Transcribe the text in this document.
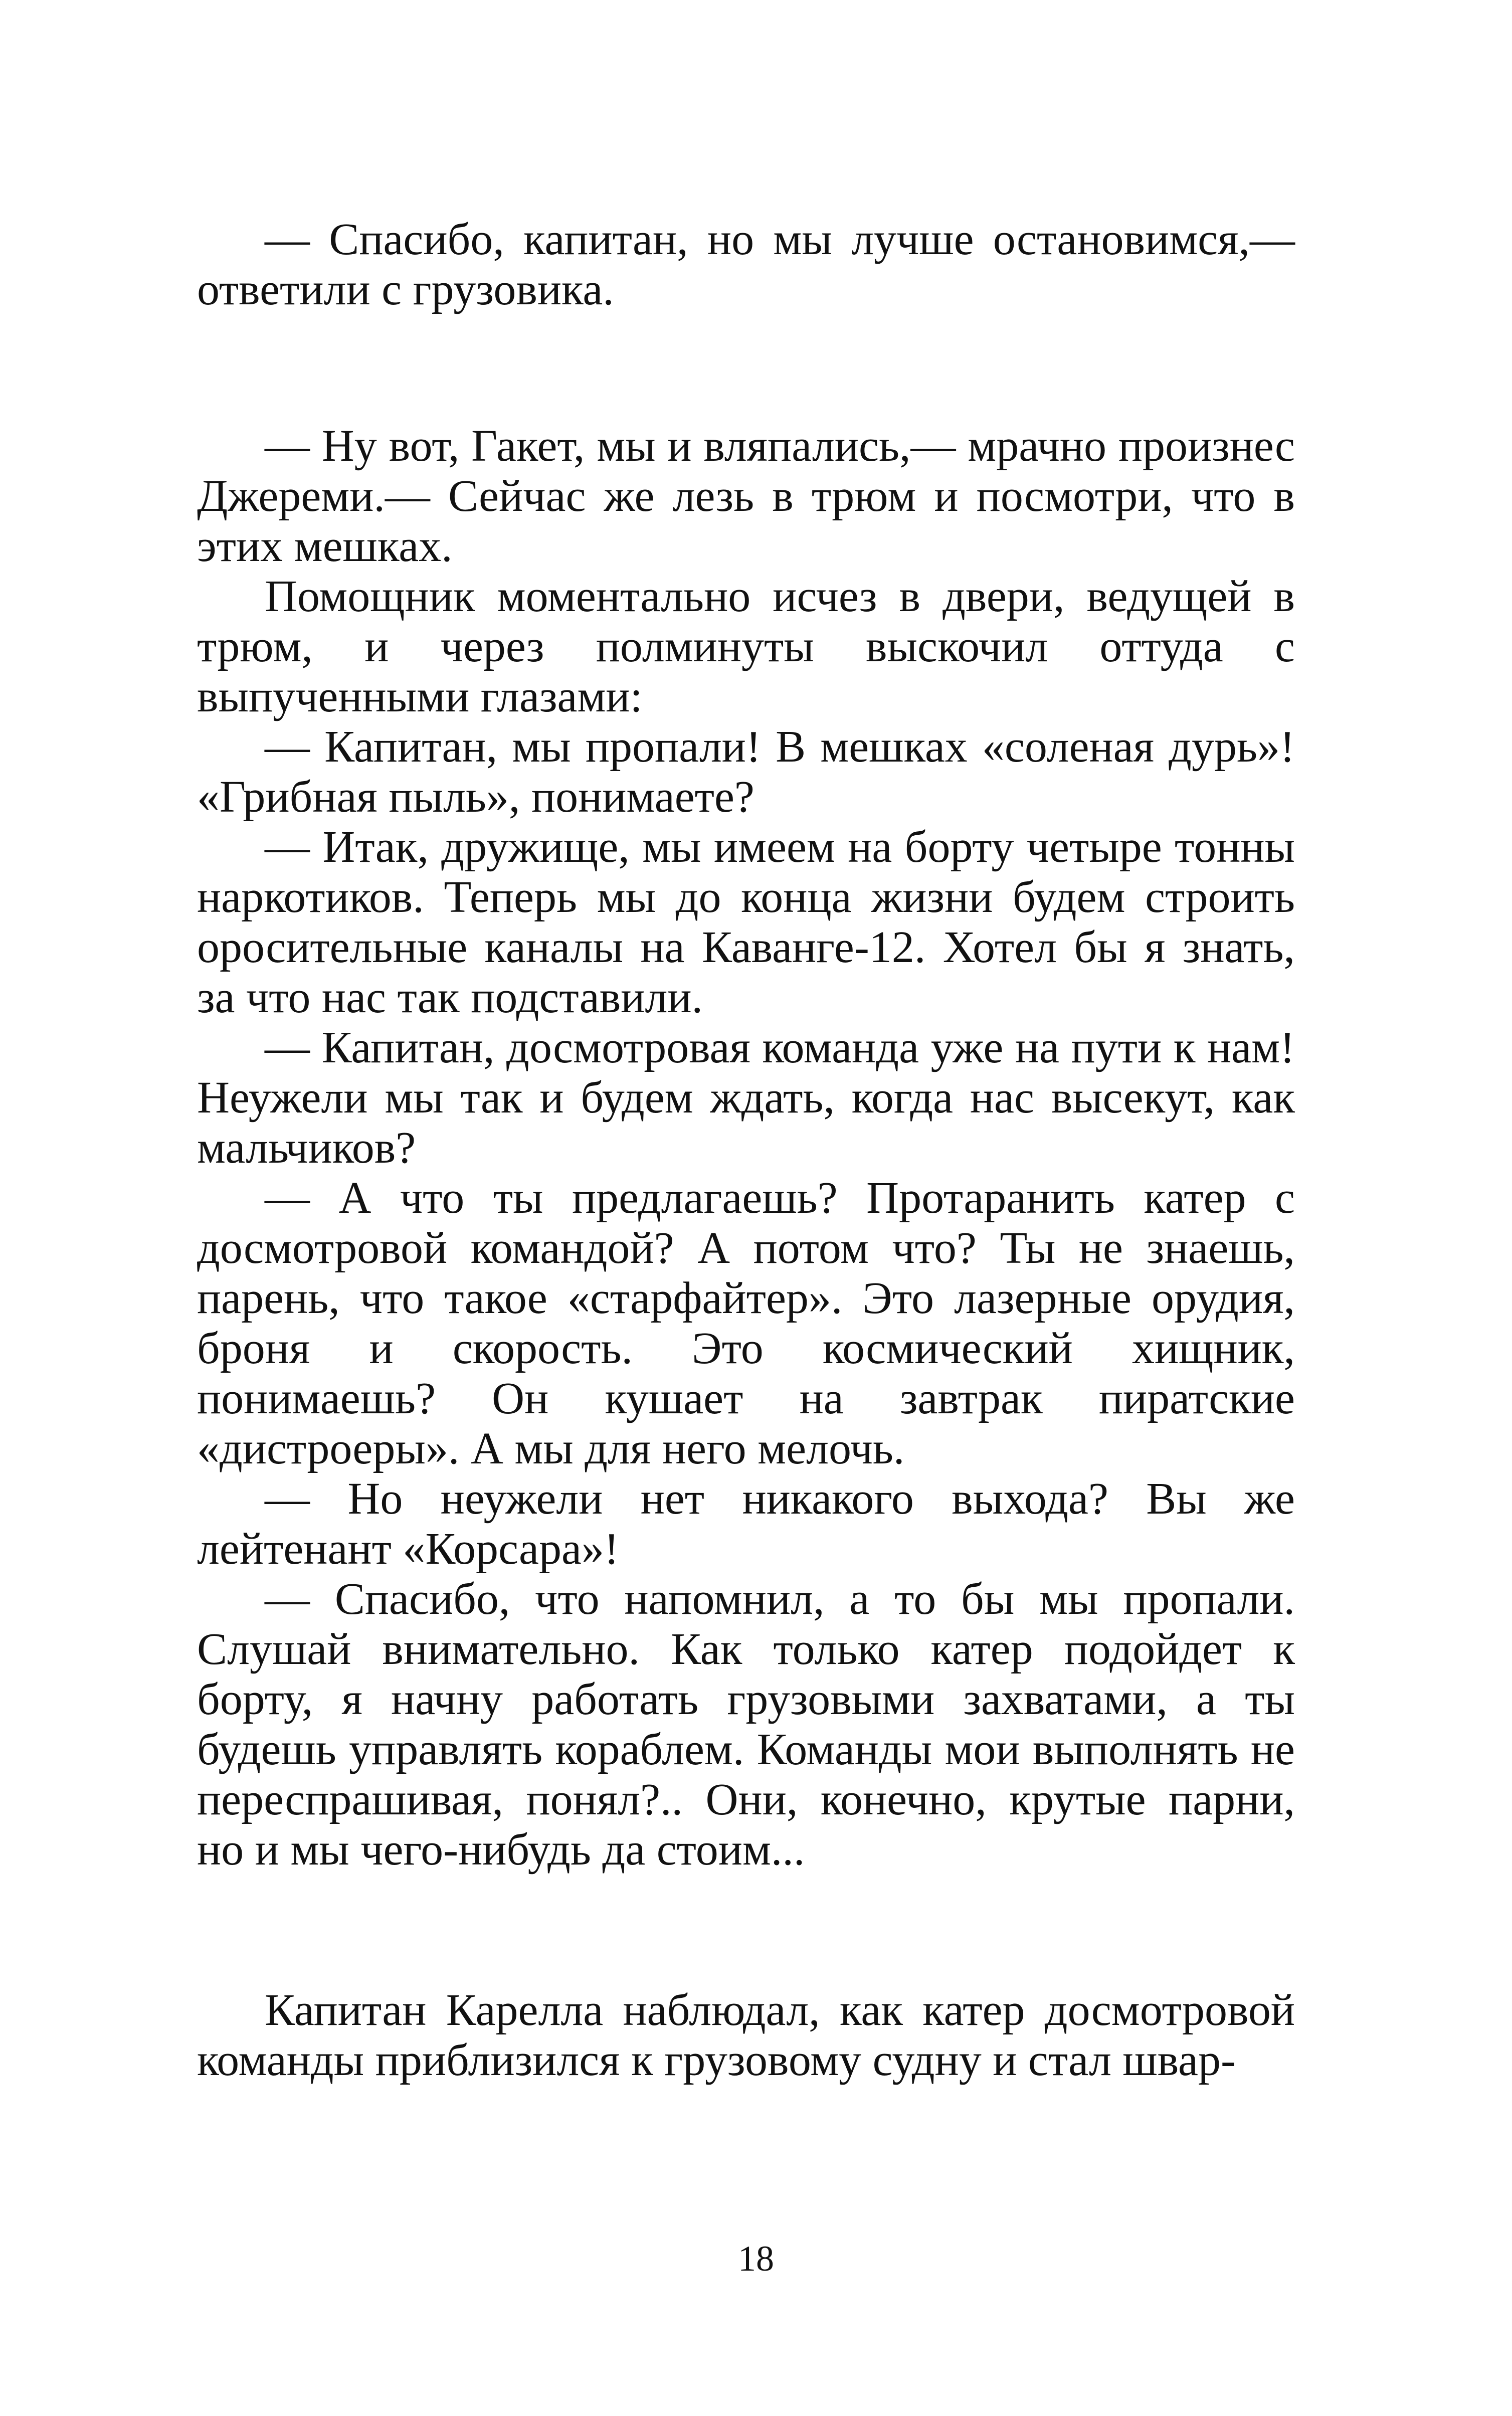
— Спасибо, капитан, но мы лучше остановимся,— ответили с грузовика.

— Ну вот, Гакет, мы и вляпались,— мрачно произнес Джереми.— Сейчас же лезь в трюм и посмотри, что в этих мешках.

Помощник моментально исчез в двери, ведущей в трюм, и через полминуты выскочил оттуда с выпученными глазами:

— Капитан, мы пропали! В мешках «соленая дурь»! «Грибная пыль», понимаете?

— Итак, дружище, мы имеем на борту четыре тонны наркотиков. Теперь мы до конца жизни будем строить оросительные каналы на Каванге-12. Хотел бы я знать, за что нас так подставили.

— Капитан, досмотровая команда уже на пути к нам! Неужели мы так и будем ждать, когда нас высекут, как мальчиков?

— А что ты предлагаешь? Протаранить катер с досмотровой командой? А потом что? Ты не знаешь, парень, что такое «старфайтер». Это лазерные орудия, броня и скорость. Это космический хищник, понимаешь? Он кушает на завтрак пиратские «дистроеры». А мы для него мелочь.

— Но неужели нет никакого выхода? Вы же лейтенант «Корсара»!

— Спасибо, что напомнил, а то бы мы пропали. Слушай внимательно. Как только катер подойдет к борту, я начну работать грузовыми захватами, а ты будешь управлять кораблем. Команды мои выполнять не переспрашивая, понял?.. Они, конечно, крутые парни, но и мы чего-нибудь да стоим...

Капитан Карелла наблюдал, как катер досмотровой команды приблизился к грузовому судну и стал швар-

18
